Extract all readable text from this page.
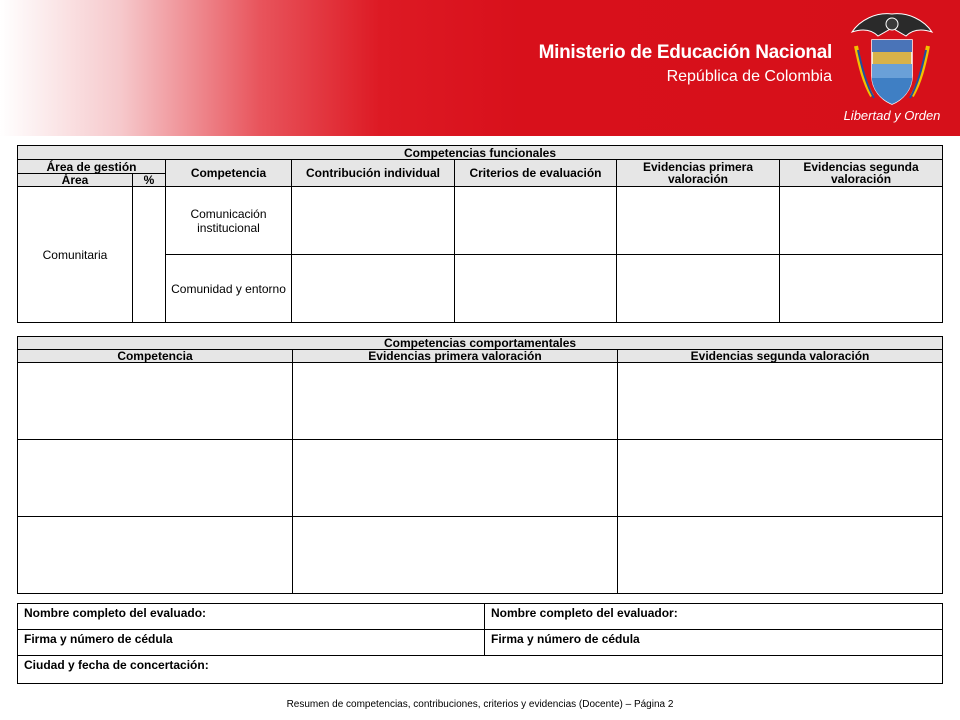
Ministerio de Educación Nacional
República de Colombia
Libertad y Orden
Competencias funcionales						
Área de gestión		Competencia	Contribución individual	Criterios de evaluación	Evidencias primera valoración	Evidencias segunda valoración
Área	%					
Comunitaria		Comunicación institucional				
		Comunidad y entorno				
Competencias comportamentales		
Competencia	Evidencias primera valoración	Evidencias segunda valoración

Nombre completo del evaluado:	Nombre completo del evaluador:
Firma y número de cédula	Firma y número de cédula
Ciudad y fecha de concertación:	
Resumen de competencias, contribuciones, criterios y evidencias (Docente) – Página 2
